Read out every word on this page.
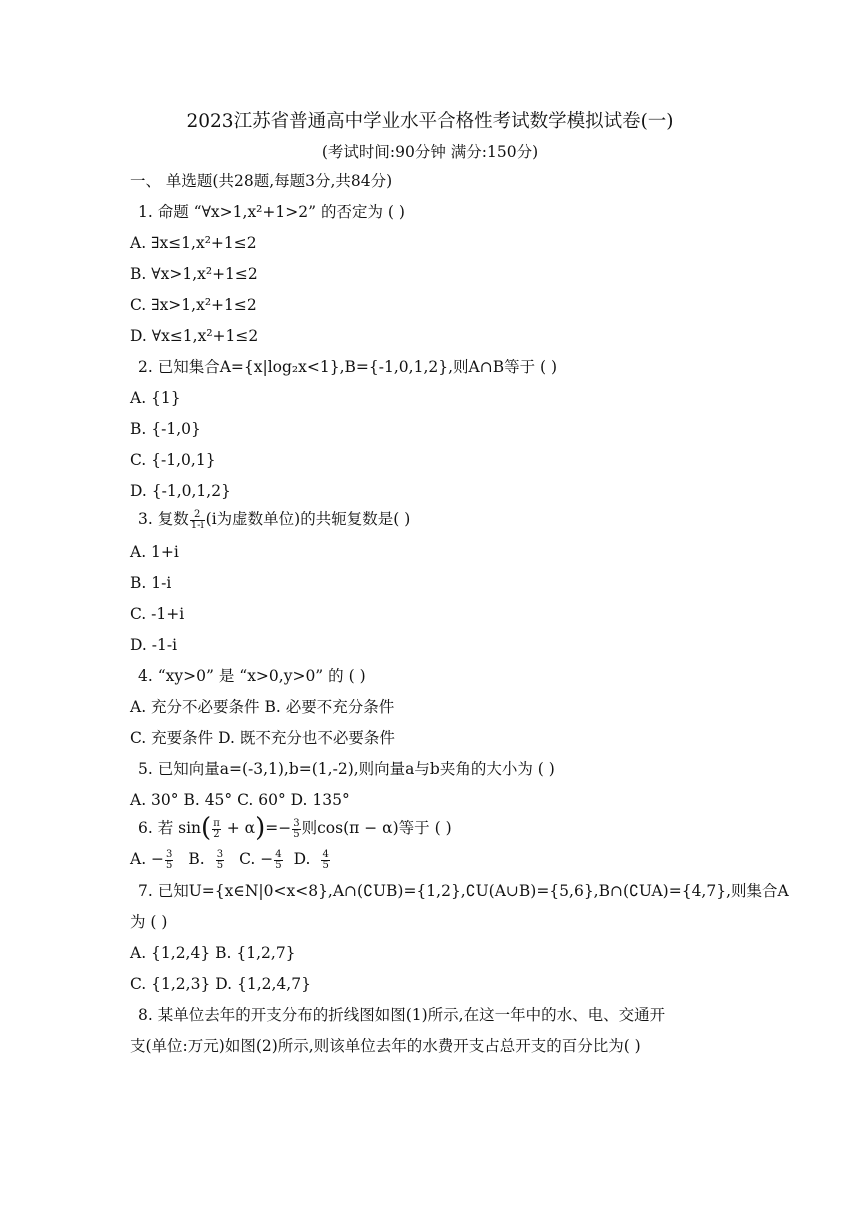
2023江苏省普通高中学业水平合格性考试数学模拟试卷(一)
(考试时间:90分钟 满分:150分)
一、 单选题(共28题,每题3分,共84分)
1. 命题 “∀x>1,x²+1>2” 的否定为 ( )
A. ∃x≤1,x²+1≤2
B. ∀x>1,x²+1≤2
C. ∃x>1,x²+1≤2
D. ∀x≤1,x²+1≤2
2. 已知集合A={x|log₂x<1},B={-1,0,1,2},则A∩B等于 ( )
A. {1}
B. {-1,0}
C. {-1,0,1}
D. {-1,0,1,2}
3. 复数 $\frac{2}{1-i} (i$为虚数单位)的共轭复数是( )
A. 1+i
B. 1-i
C. -1+i
D. -1-i
4. “xy>0” 是 “x>0,y>0” 的 ( )
A. 充分不必要条件 B. 必要不充分条件
C. 充要条件 D. 既不充分也不必要条件
5. 已知向量a=(-3,1),b=(1,-2),则向量a与b夹角的大小为 ( )
A. 30° B. 45° C. 60° D. 135°
6. 若 $\sin( \frac{\pi}{2} + \alpha)=- \frac{3}{5}$ 则cos(π − α)等于 ( )
A. − $\frac{3}{5} B$. $\frac{3}{5} C$. − $\frac{4}{5} D$. $\frac{4}{5}$
7. 已知U={x∈N|0<x<8},A∩(∁UB)={1,2},∁U(A∪B)={5,6},B∩(∁UA)={4,7},则集合A
为 ( )
A. {1,2,4} B. {1,2,7}
C. {1,2,3} D. {1,2,4,7}
8. 某单位去年的开支分布的折线图如图(1)所示,在这一年中的水、电、交通开
支(单位:万元)如图(2)所示,则该单位去年的水费开支占总开支的百分比为( )
